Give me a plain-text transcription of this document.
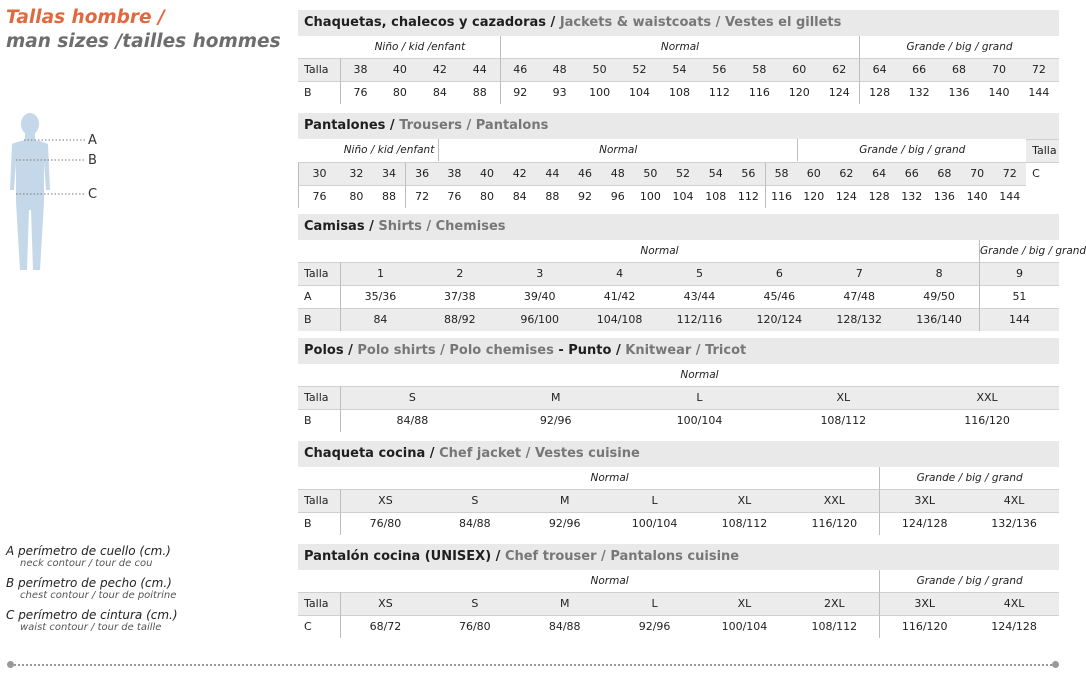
Tallas hombre /
man sizes /tailles hommes
A
B
C
A perímetro de cuello (cm.)
neck contour / tour de cou
B perímetro de pecho (cm.)
chest contour / tour de poitrine
C perímetro de cintura (cm.)
waist contour / tour de taille
Chaquetas, chalecos y cazadoras / Jackets & waistcoats / Vestes el gillets
Niño / kid /enfant	Normal	Grande / big / grand
Talla	38	40	42	44	46	48	50	52	54	56	58	60	62	64	66	68	70	72
B	76	80	84	88	92	93	100	104	108	112	116	120	124	128	132	136	140	144
Pantalones / Trousers / Pantalons
Niño / kid /enfant	Normal	Grande / big / grand	Talla
30	32	34	36	38	40	42	44	46	48	50	52	54	56	58	60	62	64	66	68	70	72	C
76	80	88	72	76	80	84	88	92	96	100	104	108	112	116	120	124	128	132	136	140	144
Camisas / Shirts / Chemises
Normal	Grande / big / grand
Talla	1	2	3	4	5	6	7	8	9
A	35/36	37/38	39/40	41/42	43/44	45/46	47/48	49/50	51
B	84	88/92	96/100	104/108	112/116	120/124	128/132	136/140	144
Polos / Polo shirts / Polo chemises - Punto / Knitwear / Tricot
Normal
Talla	S	M	L	XL	XXL
B	84/88	92/96	100/104	108/112	116/120
Chaqueta cocina / Chef jacket / Vestes cuisine
Normal	Grande / big / grand
Talla	XS	S	M	L	XL	XXL	3XL	4XL
B	76/80	84/88	92/96	100/104	108/112	116/120	124/128	132/136
Pantalón cocina (UNISEX) / Chef trouser / Pantalons cuisine
Normal	Grande / big / grand
Talla	XS	S	M	L	XL	2XL	3XL	4XL
C	68/72	76/80	84/88	92/96	100/104	108/112	116/120	124/128
